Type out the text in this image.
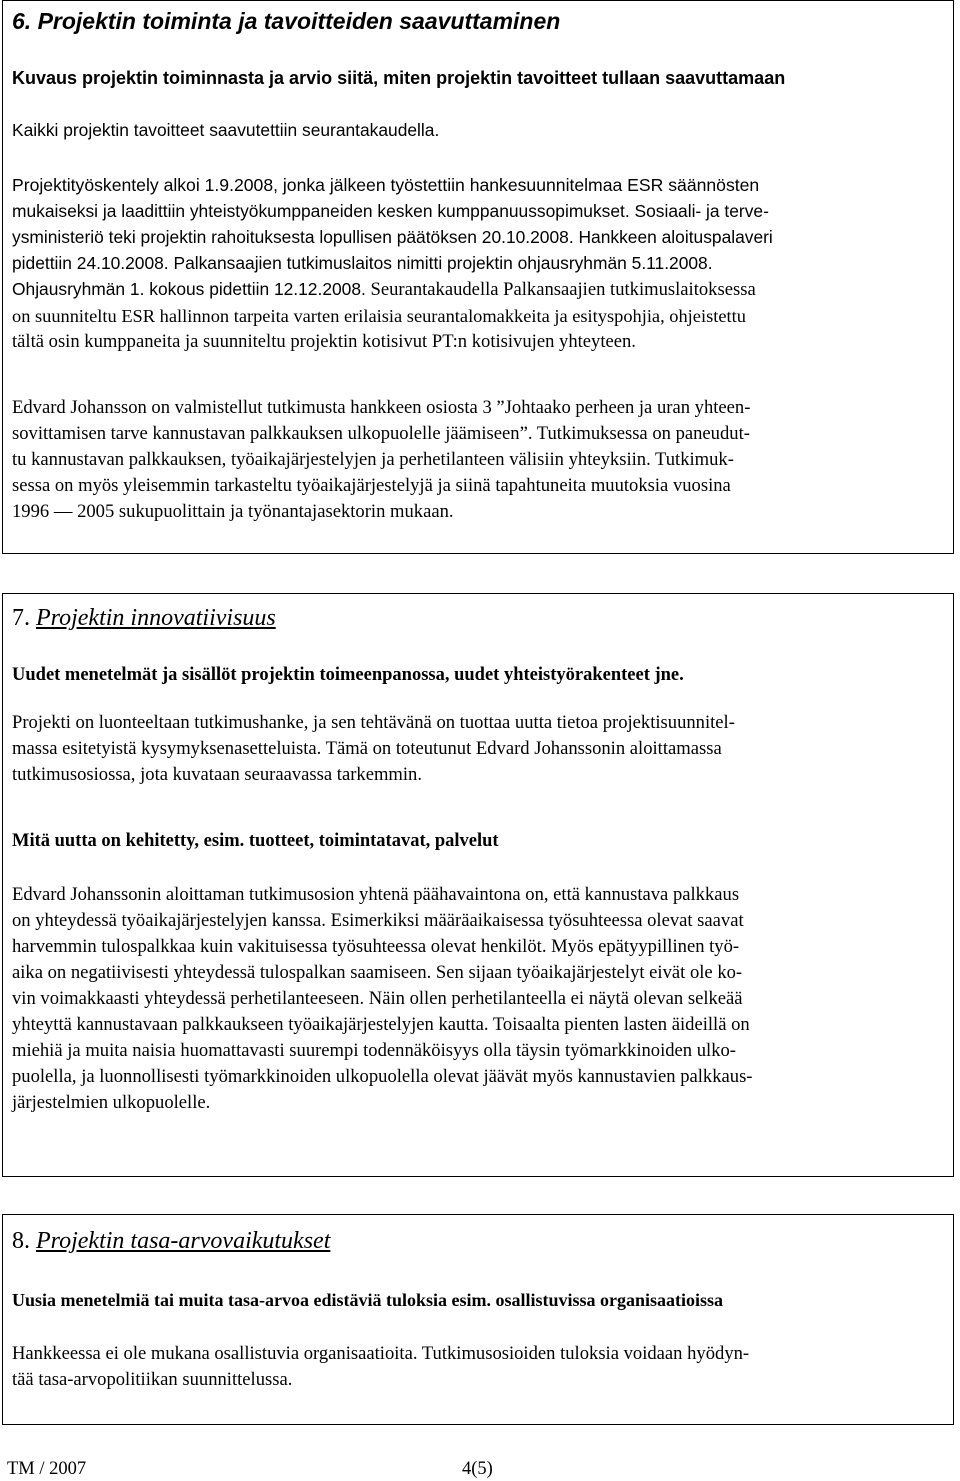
6. Projektin toiminta ja tavoitteiden saavuttaminen
Kuvaus projektin toiminnasta ja arvio siitä, miten projektin tavoitteet tullaan saavuttamaan

Kaikki projektin tavoitteet saavutettiin seurantakaudella.

Projektityöskentely alkoi 1.9.2008, jonka jälkeen työstettiin hankesuunnitelmaa ESR säännösten
mukaiseksi ja laadittiin yhteistyökumppaneiden kesken kumppanuussopimukset. Sosiaali- ja terve-
ysministeriö teki projektin rahoituksesta lopullisen päätöksen 20.10.2008. Hankkeen aloituspalaveri
pidettiin 24.10.2008. Palkansaajien tutkimuslaitos nimitti projektin ohjausryhmän 5.11.2008.
Ohjausryhmän 1. kokous pidettiin 12.12.2008. Seurantakaudella Palkansaajien tutkimuslaitoksessa
on suunniteltu ESR hallinnon tarpeita varten erilaisia seurantalomakkeita ja esityspohjia, ohjeistettu
tältä osin kumppaneita ja suunniteltu projektin kotisivut PT:n kotisivujen yhteyteen.

Edvard Johansson on valmistellut tutkimusta hankkeen osiosta 3 ”Johtaako perheen ja uran yhteen-
sovittamisen tarve kannustavan palkkauksen ulkopuolelle jäämiseen”. Tutkimuksessa on paneudut-
tu kannustavan palkkauksen, työaikajärjestelyjen ja perhetilanteen välisiin yhteyksiin. Tutkimuk-
sessa on myös yleisemmin tarkasteltu työaikajärjestelyjä ja siinä tapahtuneita muutoksia vuosina
1996 ― 2005 sukupuolittain ja työnantajasektorin mukaan.

7. Projektin innovatiivisuus
Uudet menetelmät ja sisällöt projektin toimeenpanossa, uudet yhteistyörakenteet jne.

Projekti on luonteeltaan tutkimushanke, ja sen tehtävänä on tuottaa uutta tietoa projektisuunnitel-
massa esitetyistä kysymyksenasetteluista. Tämä on toteutunut Edvard Johanssonin aloittamassa
tutkimusosiossa, jota kuvataan seuraavassa tarkemmin.

Mitä uutta on kehitetty, esim. tuotteet, toimintatavat, palvelut

Edvard Johanssonin aloittaman tutkimusosion yhtenä päähavaintona on, että kannustava palkkaus
on yhteydessä työaikajärjestelyjen kanssa. Esimerkiksi määräaikaisessa työsuhteessa olevat saavat
harvemmin tulospalkkaa kuin vakituisessa työsuhteessa olevat henkilöt. Myös epätyypillinen työ-
aika on negatiivisesti yhteydessä tulospalkan saamiseen. Sen sijaan työaikajärjestelyt eivät ole ko-
vin voimakkaasti yhteydessä perhetilanteeseen. Näin ollen perhetilanteella ei näytä olevan selkeää
yhteyttä kannustavaan palkkaukseen työaikajärjestelyjen kautta. Toisaalta pienten lasten äideillä on
miehiä ja muita naisia huomattavasti suurempi todennäköisyys olla täysin työmarkkinoiden ulko-
puolella, ja luonnollisesti työmarkkinoiden ulkopuolella olevat jäävät myös kannustavien palkkaus-
järjestelmien ulkopuolelle.

8. Projektin tasa-arvovaikutukset
Uusia menetelmiä tai muita tasa-arvoa edistäviä tuloksia esim. osallistuvissa organisaatioissa

Hankkeessa ei ole mukana osallistuvia organisaatioita. Tutkimusosioiden tuloksia voidaan hyödyn-
tää tasa-arvopolitiikan suunnittelussa.

TM / 2007	4(5)
